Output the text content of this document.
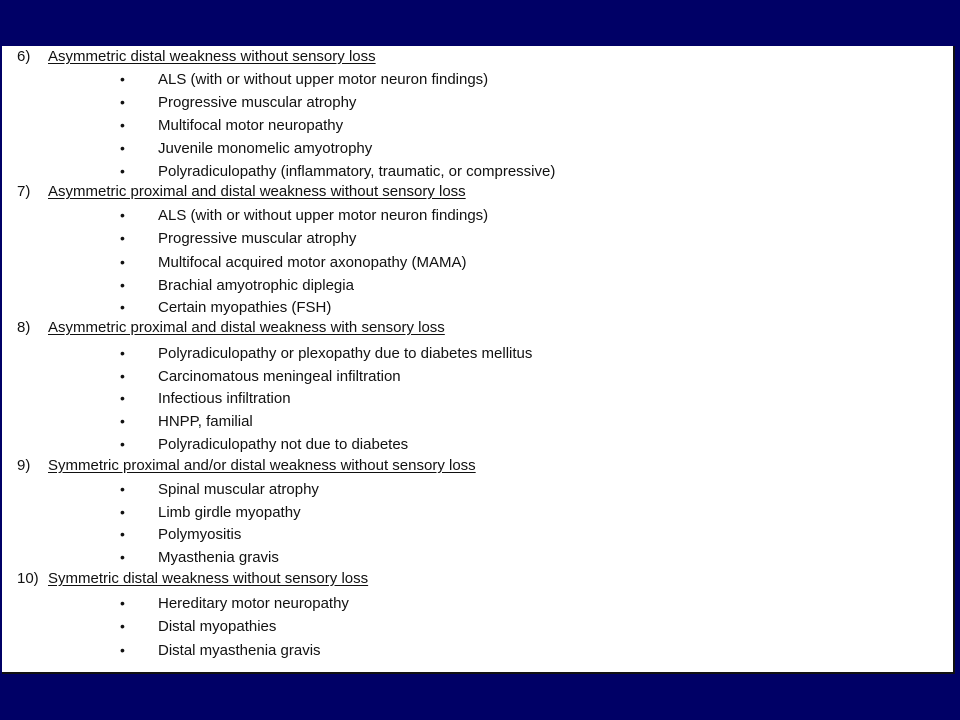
6) Asymmetric distal weakness without sensory loss
• ALS (with or without upper motor neuron findings)
• Progressive muscular atrophy
• Multifocal motor neuropathy
• Juvenile monomelic amyotrophy
• Polyradiculopathy (inflammatory, traumatic, or compressive)
7) Asymmetric proximal and distal weakness without sensory loss
• ALS (with or without upper motor neuron findings)
• Progressive muscular atrophy
• Multifocal acquired motor axonopathy (MAMA)
• Brachial amyotrophic diplegia
• Certain myopathies (FSH)
8) Asymmetric proximal and distal weakness with sensory loss
• Polyradiculopathy or plexopathy due to diabetes mellitus
• Carcinomatous meningeal infiltration
• Infectious infiltration
• HNPP, familial
• Polyradiculopathy not due to diabetes
9) Symmetric proximal and/or distal weakness without sensory loss
• Spinal muscular atrophy
• Limb girdle myopathy
• Polymyositis
• Myasthenia gravis
10) Symmetric distal weakness without sensory loss
• Hereditary motor neuropathy
• Distal myopathies
• Distal myasthenia gravis
